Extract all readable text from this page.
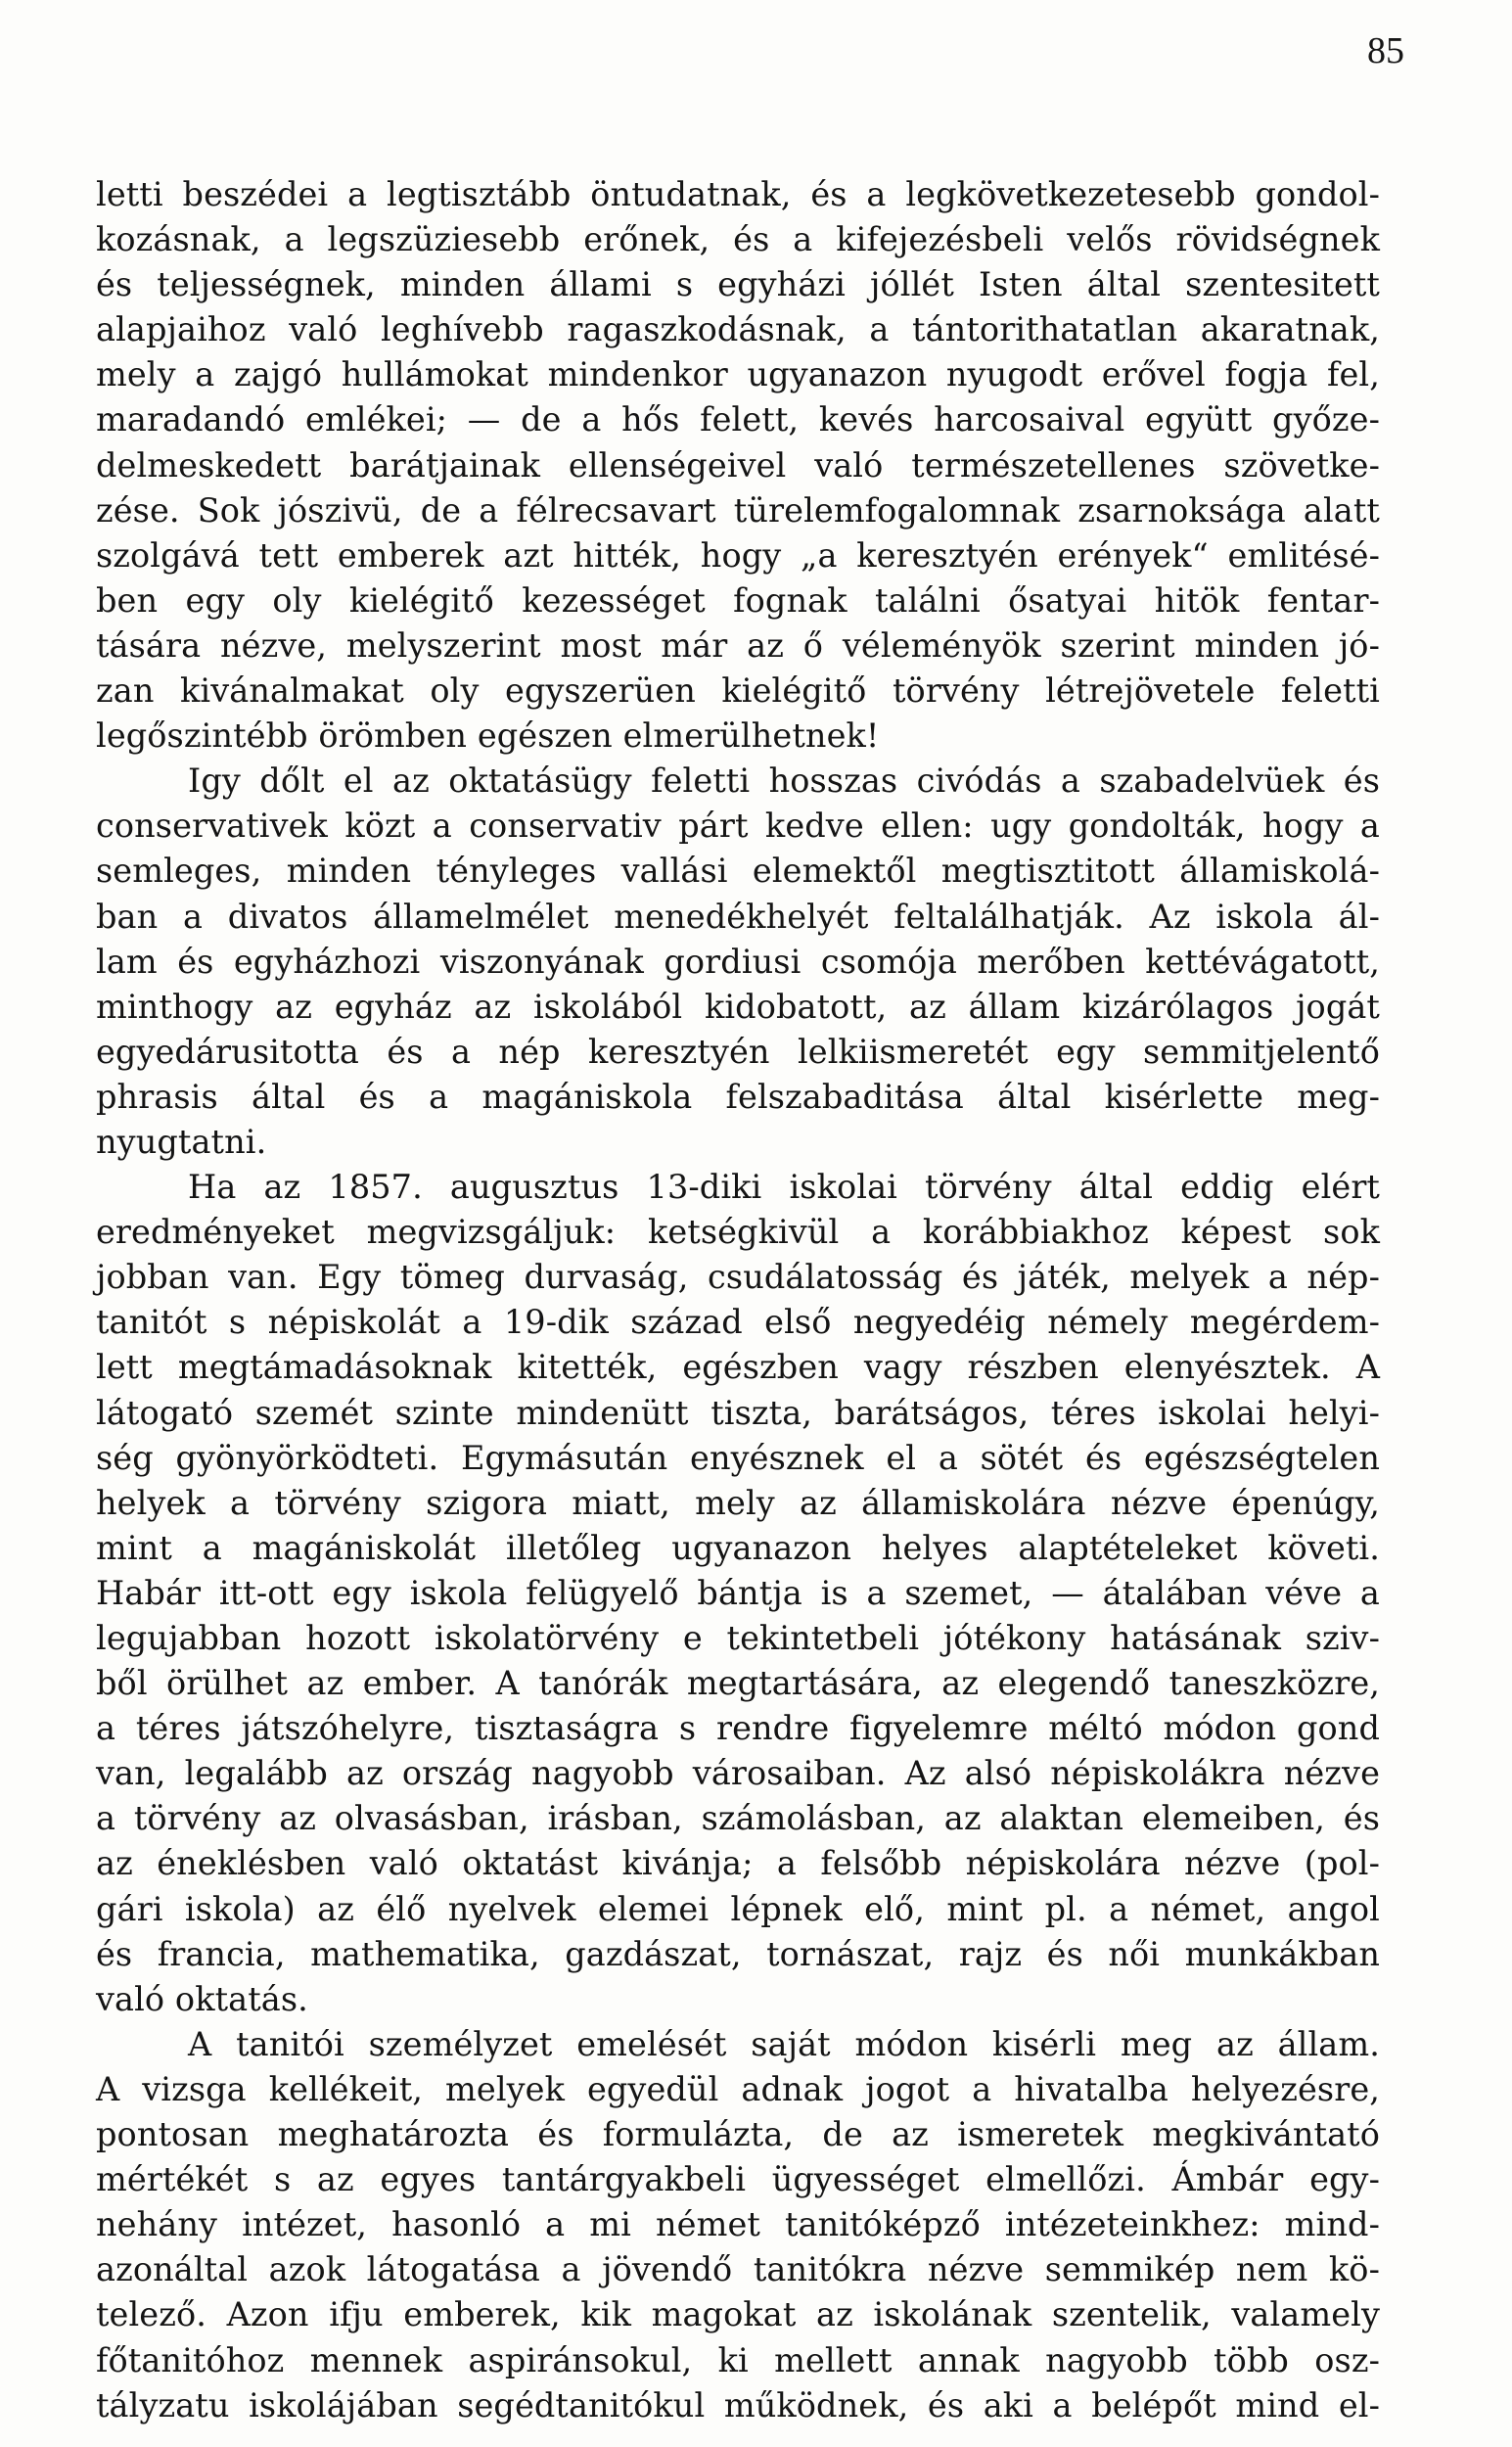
85
letti beszédei a legtisztább öntudatnak, és a legkövetkezetesebb gondol-
kozásnak, a legszüziesebb erőnek, és a kifejezésbeli velős rövidségnek
és teljességnek, minden állami s egyházi jóllét Isten által szentesitett
alapjaihoz való leghívebb ragaszkodásnak, a tántorithatatlan akaratnak,
mely a zajgó hullámokat mindenkor ugyanazon nyugodt erővel fogja fel,
maradandó emlékei; — de a hős felett, kevés harcosaival együtt győze-
delmeskedett barátjainak ellenségeivel való természetellenes szövetke-
zése. Sok jószivü, de a félrecsavart türelemfogalomnak zsarnoksága alatt
szolgává tett emberek azt hitték, hogy „a keresztyén erények“ emlitésé-
ben egy oly kielégitő kezességet fognak találni ősatyai hitök fentar-
tására nézve, melyszerint most már az ő véleményök szerint minden jó-
zan kivánalmakat oly egyszerüen kielégitő törvény létrejövetele feletti
legőszintébb örömben egészen elmerülhetnek!
Igy dőlt el az oktatásügy feletti hosszas civódás a szabadelvüek és
conservativek közt a conservativ párt kedve ellen: ugy gondolták, hogy a
semleges, minden tényleges vallási elemektől megtisztitott államiskolá-
ban a divatos államelmélet menedékhelyét feltalálhatják. Az iskola ál-
lam és egyházhozi viszonyának gordiusi csomója merőben kettévágatott,
minthogy az egyház az iskolából kidobatott, az állam kizárólagos jogát
egyedárusitotta és a nép keresztyén lelkiismeretét egy semmitjelentő
phrasis által és a magániskola felszabaditása által kisérlette meg-
nyugtatni.
Ha az 1857. augusztus 13-diki iskolai törvény által eddig elért
eredményeket megvizsgáljuk: ketségkivül a korábbiakhoz képest sok
jobban van. Egy tömeg durvaság, csudálatosság és játék, melyek a nép-
tanitót s népiskolát a 19-dik század első negyedéig némely megérdem-
lett megtámadásoknak kitették, egészben vagy részben elenyésztek. A
látogató szemét szinte mindenütt tiszta, barátságos, téres iskolai helyi-
ség gyönyörködteti. Egymásután enyésznek el a sötét és egészségtelen
helyek a törvény szigora miatt, mely az államiskolára nézve épenúgy,
mint a magániskolát illetőleg ugyanazon helyes alaptételeket követi.
Habár itt-ott egy iskola felügyelő bántja is a szemet, — átalában véve a
legujabban hozott iskolatörvény e tekintetbeli jótékony hatásának sziv-
ből örülhet az ember. A tanórák megtartására, az elegendő taneszközre,
a téres játszóhelyre, tisztaságra s rendre figyelemre méltó módon gond
van, legalább az ország nagyobb városaiban. Az alsó népiskolákra nézve
a törvény az olvasásban, irásban, számolásban, az alaktan elemeiben, és
az éneklésben való oktatást kivánja; a felsőbb népiskolára nézve (pol-
gári iskola) az élő nyelvek elemei lépnek elő, mint pl. a német, angol
és francia, mathematika, gazdászat, tornászat, rajz és női munkákban
való oktatás.
A tanitói személyzet emelését saját módon kisérli meg az állam.
A vizsga kellékeit, melyek egyedül adnak jogot a hivatalba helyezésre,
pontosan meghatározta és formulázta, de az ismeretek megkivántató
mértékét s az egyes tantárgyakbeli ügyességet elmellőzi. Ámbár egy-
nehány intézet, hasonló a mi német tanitóképző intézeteinkhez: mind-
azonáltal azok látogatása a jövendő tanitókra nézve semmikép nem kö-
telező. Azon ifju emberek, kik magokat az iskolának szentelik, valamely
főtanitóhoz mennek aspiránsokul, ki mellett annak nagyobb több osz-
tályzatu iskolájában segédtanitókul működnek, és aki a belépőt mind el-
